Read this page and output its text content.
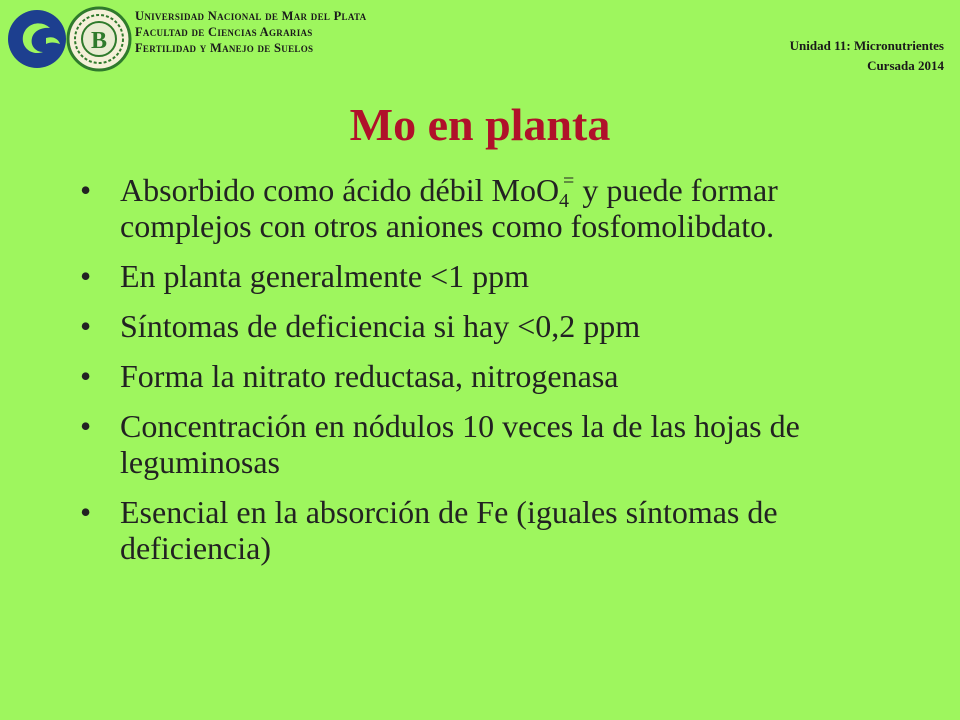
B
Universidad Nacional de Mar del Plata
Facultad de Ciencias Agrarias
Fertilidad y Manejo de Suelos	Unidad 11: Micronutrientes
Cursada 2014
Mo en planta
• Absorbido como ácido débil MoO$_4$= y puede formar complejos con otros aniones como fosfomolibdato.
• En planta generalmente <1 ppm
• Síntomas de deficiencia si hay <0,2 ppm
• Forma la nitrato reductasa, nitrogenasa
• Concentración en nódulos 10 veces la de las hojas de leguminosas
• Esencial en la absorción de Fe (iguales síntomas de deficiencia)
